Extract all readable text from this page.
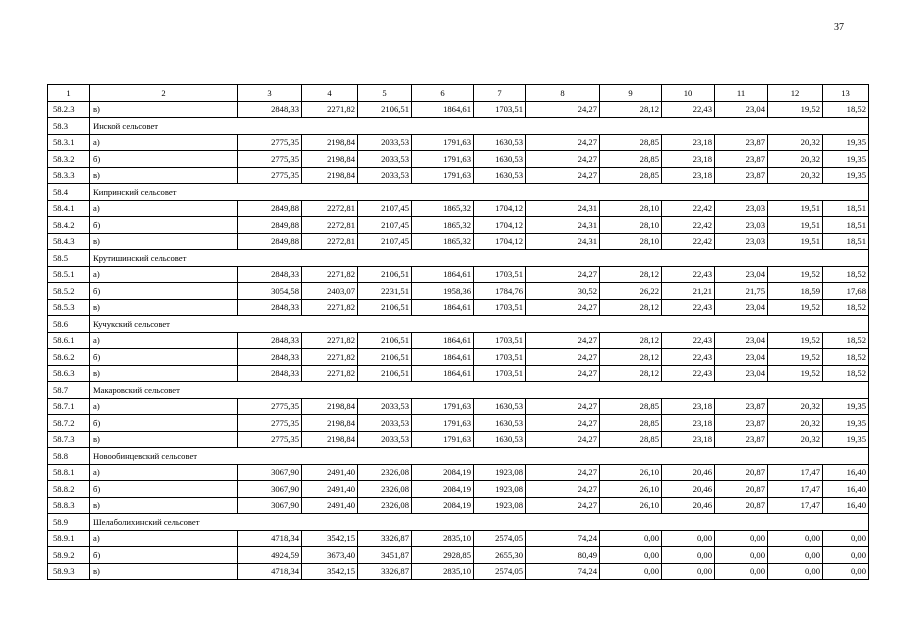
37
1	2	3	4	5	6	7	8	9	10	11	12	13
58.2.3	в)	2848,33	2271,82	2106,51	1864,61	1703,51	24,27	28,12	22,43	23,04	19,52	18,52
58.3	Инской сельсовет											
58.3.1	а)	2775,35	2198,84	2033,53	1791,63	1630,53	24,27	28,85	23,18	23,87	20,32	19,35
58.3.2	б)	2775,35	2198,84	2033,53	1791,63	1630,53	24,27	28,85	23,18	23,87	20,32	19,35
58.3.3	в)	2775,35	2198,84	2033,53	1791,63	1630,53	24,27	28,85	23,18	23,87	20,32	19,35
58.4	Кипринский сельсовет											
58.4.1	а)	2849,88	2272,81	2107,45	1865,32	1704,12	24,31	28,10	22,42	23,03	19,51	18,51
58.4.2	б)	2849,88	2272,81	2107,45	1865,32	1704,12	24,31	28,10	22,42	23,03	19,51	18,51
58.4.3	в)	2849,88	2272,81	2107,45	1865,32	1704,12	24,31	28,10	22,42	23,03	19,51	18,51
58.5	Крутишинский сельсовет											
58.5.1	а)	2848,33	2271,82	2106,51	1864,61	1703,51	24,27	28,12	22,43	23,04	19,52	18,52
58.5.2	б)	3054,58	2403,07	2231,51	1958,36	1784,76	30,52	26,22	21,21	21,75	18,59	17,68
58.5.3	в)	2848,33	2271,82	2106,51	1864,61	1703,51	24,27	28,12	22,43	23,04	19,52	18,52
58.6	Кучукский сельсовет											
58.6.1	а)	2848,33	2271,82	2106,51	1864,61	1703,51	24,27	28,12	22,43	23,04	19,52	18,52
58.6.2	б)	2848,33	2271,82	2106,51	1864,61	1703,51	24,27	28,12	22,43	23,04	19,52	18,52
58.6.3	в)	2848,33	2271,82	2106,51	1864,61	1703,51	24,27	28,12	22,43	23,04	19,52	18,52
58.7	Макаровский сельсовет											
58.7.1	а)	2775,35	2198,84	2033,53	1791,63	1630,53	24,27	28,85	23,18	23,87	20,32	19,35
58.7.2	б)	2775,35	2198,84	2033,53	1791,63	1630,53	24,27	28,85	23,18	23,87	20,32	19,35
58.7.3	в)	2775,35	2198,84	2033,53	1791,63	1630,53	24,27	28,85	23,18	23,87	20,32	19,35
58.8	Новообинцевский сельсовет											
58.8.1	а)	3067,90	2491,40	2326,08	2084,19	1923,08	24,27	26,10	20,46	20,87	17,47	16,40
58.8.2	б)	3067,90	2491,40	2326,08	2084,19	1923,08	24,27	26,10	20,46	20,87	17,47	16,40
58.8.3	в)	3067,90	2491,40	2326,08	2084,19	1923,08	24,27	26,10	20,46	20,87	17,47	16,40
58.9	Шелаболихинский сельсовет											
58.9.1	а)	4718,34	3542,15	3326,87	2835,10	2574,05	74,24	0,00	0,00	0,00	0,00	0,00
58.9.2	б)	4924,59	3673,40	3451,87	2928,85	2655,30	80,49	0,00	0,00	0,00	0,00	0,00
58.9.3	в)	4718,34	3542,15	3326,87	2835,10	2574,05	74,24	0,00	0,00	0,00	0,00	0,00
